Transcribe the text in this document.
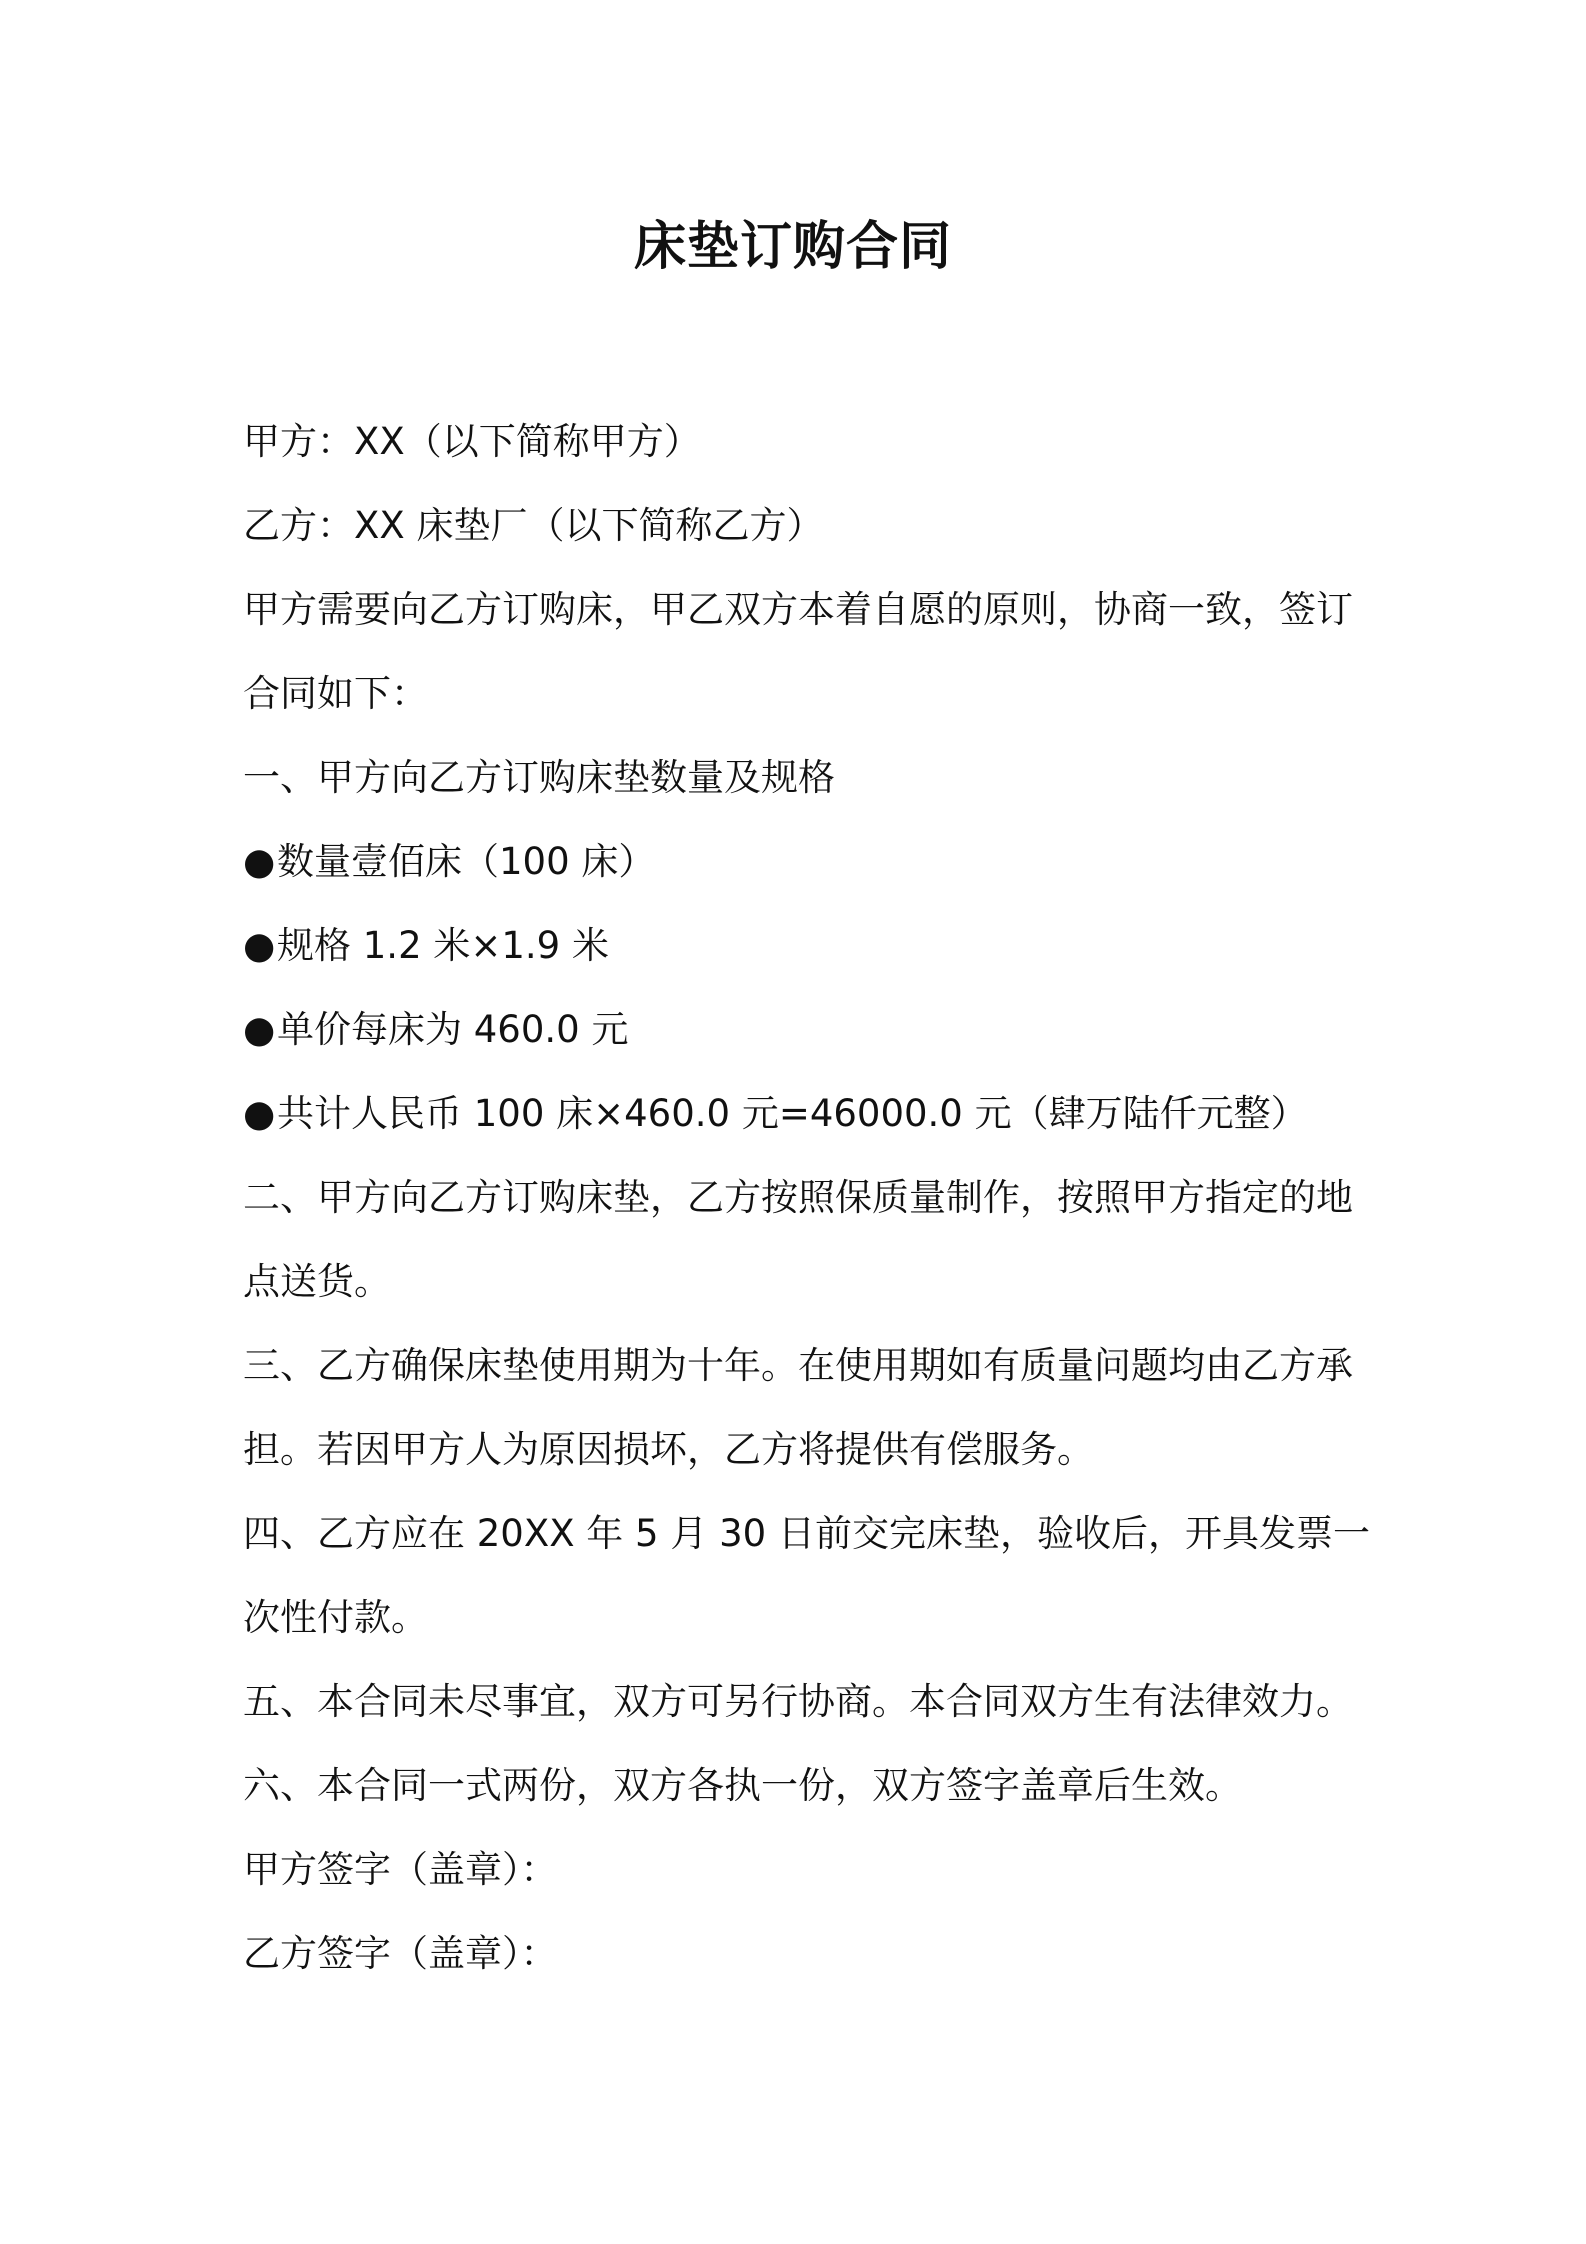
床垫订购合同
甲方：XX（以下简称甲方）
乙方：XX 床垫厂（以下简称乙方）
甲方需要向乙方订购床，甲乙双方本着自愿的原则，协商一致，签订
合同如下：
一、甲方向乙方订购床垫数量及规格
●数量壹佰床（100 床）
●规格 1.2 米×1.9 米
●单价每床为 460.0 元
●共计人民币 100 床×460.0 元=46000.0 元（肆万陆仟元整）
二、甲方向乙方订购床垫，乙方按照保质量制作，按照甲方指定的地
点送货。
三、乙方确保床垫使用期为十年。在使用期如有质量问题均由乙方承
担。若因甲方人为原因损坏，乙方将提供有偿服务。
四、乙方应在 20XX 年 5 月 30 日前交完床垫，验收后，开具发票一
次性付款。
五、本合同未尽事宜，双方可另行协商。本合同双方生有法律效力。
六、本合同一式两份，双方各执一份，双方签字盖章后生效。
甲方签字（盖章）：
乙方签字（盖章）：
